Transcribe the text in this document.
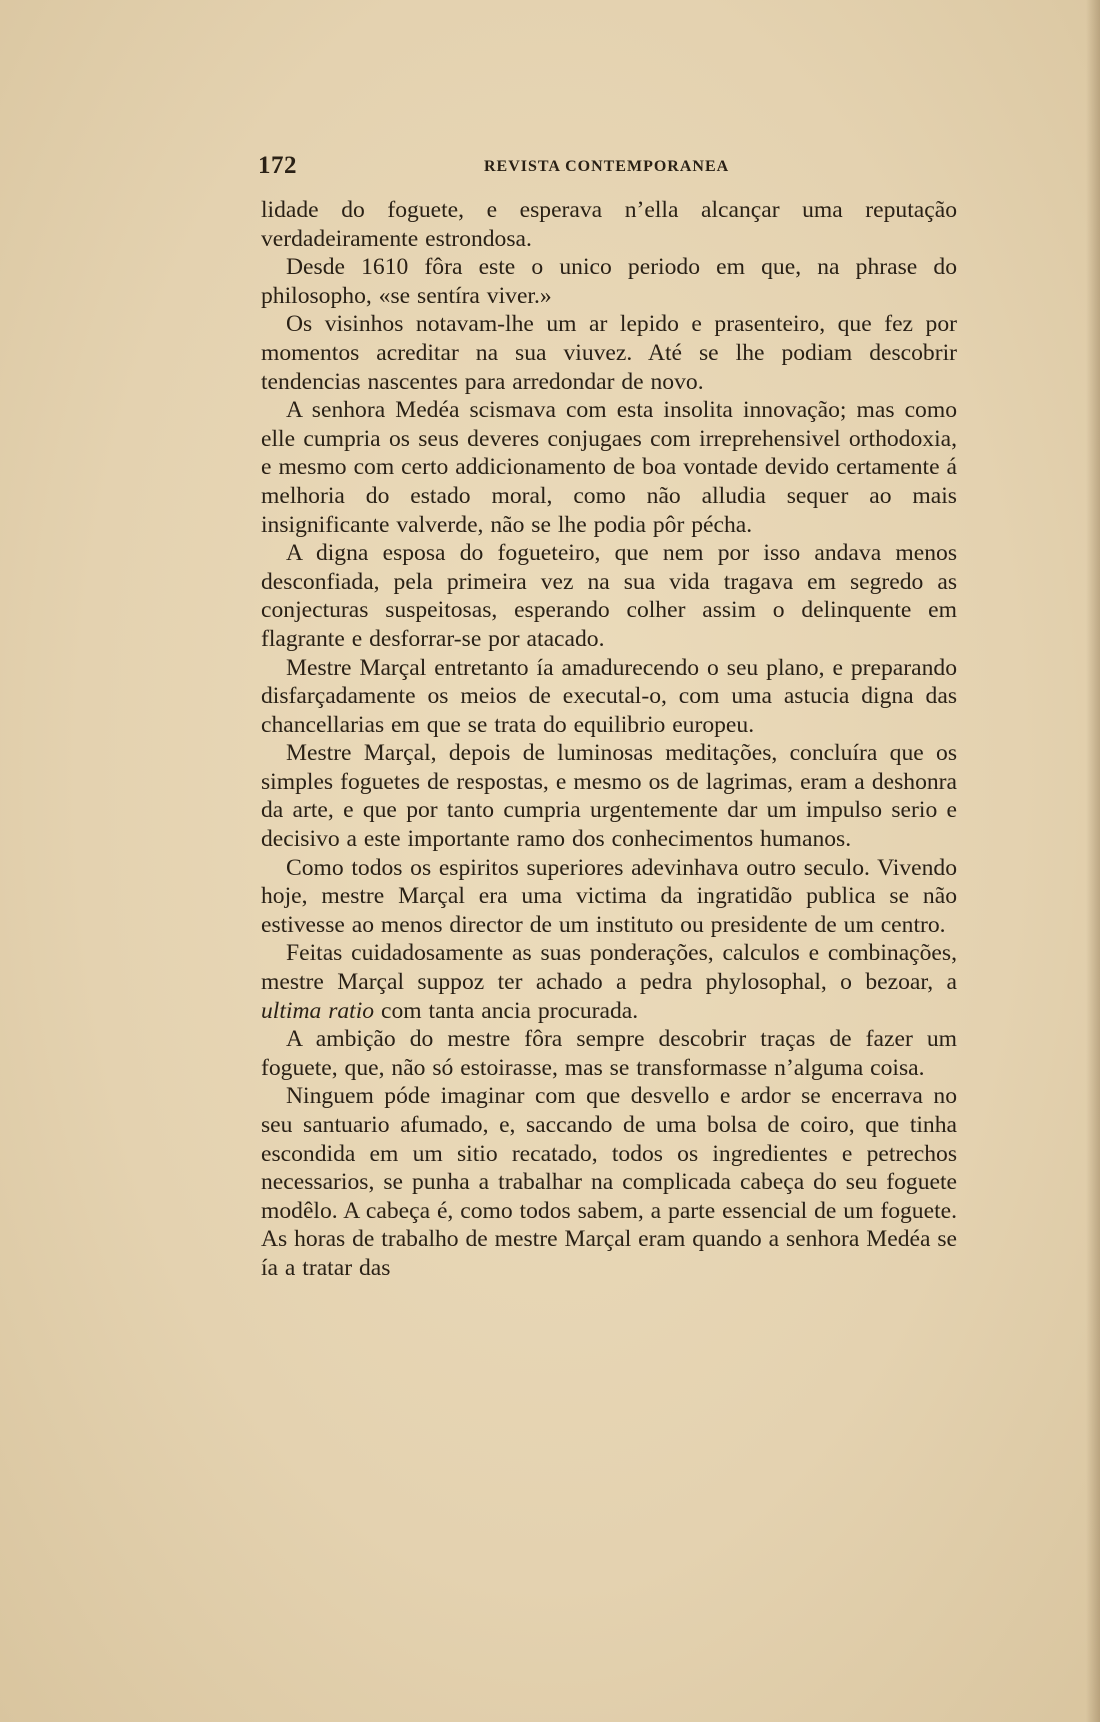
172	REVISTA CONTEMPORANEA

lidade do foguete, e esperava n’ella alcançar uma reputação verdadeiramente estrondosa.

Desde 1610 fôra este o unico periodo em que, na phrase do philosopho, «se sentíra viver.»

Os visinhos notavam-lhe um ar lepido e prasenteiro, que fez por momentos acreditar na sua viuvez. Até se lhe podiam descobrir tendencias nascentes para arredondar de novo.

A senhora Medéa scismava com esta insolita innovação; mas como elle cumpria os seus deveres conjugaes com irreprehensivel orthodoxia, e mesmo com certo addicionamento de boa vontade devido certamente á melhoria do estado moral, como não alludia sequer ao mais insignificante valverde, não se lhe podia pôr pécha.

A digna esposa do fogueteiro, que nem por isso andava menos desconfiada, pela primeira vez na sua vida tragava em segredo as conjecturas suspeitosas, esperando colher assim o delinquente em flagrante e desforrar-se por atacado.

Mestre Marçal entretanto ía amadurecendo o seu plano, e preparando disfarçadamente os meios de executal-o, com uma astucia digna das chancellarias em que se trata do equilibrio europeu.

Mestre Marçal, depois de luminosas meditações, concluíra que os simples foguetes de respostas, e mesmo os de lagrimas, eram a deshonra da arte, e que por tanto cumpria urgentemente dar um impulso serio e decisivo a este importante ramo dos conhecimentos humanos.

Como todos os espiritos superiores adevinhava outro seculo. Vivendo hoje, mestre Marçal era uma victima da ingratidão publica se não estivesse ao menos director de um instituto ou presidente de um centro.

Feitas cuidadosamente as suas ponderações, calculos e combinações, mestre Marçal suppoz ter achado a pedra phylosophal, o bezoar, a ultima ratio com tanta ancia procurada.

A ambição do mestre fôra sempre descobrir traças de fazer um foguete, que, não só estoirasse, mas se transformasse n’alguma coisa.

Ninguem póde imaginar com que desvello e ardor se encerrava no seu santuario afumado, e, saccando de uma bolsa de coiro, que tinha escondida em um sitio recatado, todos os ingredientes e petrechos necessarios, se punha a trabalhar na complicada cabeça do seu foguete modêlo. A cabeça é, como todos sabem, a parte essencial de um foguete. As horas de trabalho de mestre Marçal eram quando a senhora Medéa se ía a tratar das
